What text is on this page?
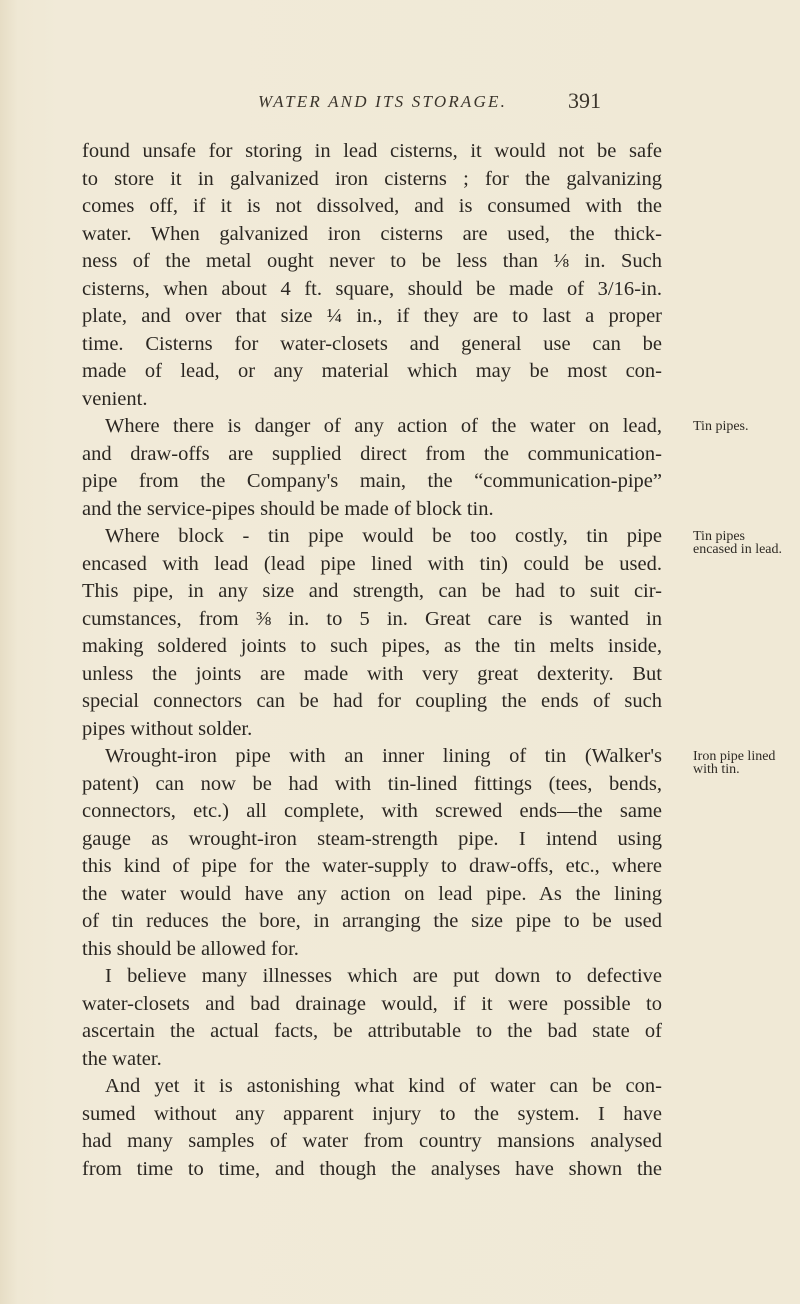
WATER AND ITS STORAGE.	391
found unsafe for storing in lead cisterns, it would not be safe
to store it in galvanized iron cisterns ; for the galvanizing
comes off, if it is not dissolved, and is consumed with the
water. When galvanized iron cisterns are used, the thick-
ness of the metal ought never to be less than ⅛ in. Such
cisterns, when about 4 ft. square, should be made of 3/16-in.
plate, and over that size ¼ in., if they are to last a proper
time. Cisterns for water-closets and general use can be
made of lead, or any material which may be most con-
venient.
Where there is danger of any action of the water on lead,
and draw-offs are supplied direct from the communication-
pipe from the Company's main, the “communication-pipe”
and the service-pipes should be made of block tin.
Where block - tin pipe would be too costly, tin pipe
encased with lead (lead pipe lined with tin) could be used.
This pipe, in any size and strength, can be had to suit cir-
cumstances, from ⅜ in. to 5 in. Great care is wanted in
making soldered joints to such pipes, as the tin melts inside,
unless the joints are made with very great dexterity. But
special connectors can be had for coupling the ends of such
pipes without solder.
Wrought-iron pipe with an inner lining of tin (Walker's
patent) can now be had with tin-lined fittings (tees, bends,
connectors, etc.) all complete, with screwed ends—the same
gauge as wrought-iron steam-strength pipe. I intend using
this kind of pipe for the water-supply to draw-offs, etc., where
the water would have any action on lead pipe. As the lining
of tin reduces the bore, in arranging the size pipe to be used
this should be allowed for.
I believe many illnesses which are put down to defective
water-closets and bad drainage would, if it were possible to
ascertain the actual facts, be attributable to the bad state of
the water.
And yet it is astonishing what kind of water can be con-
sumed without any apparent injury to the system. I have
had many samples of water from country mansions analysed
from time to time, and though the analyses have shown the
Tin pipes.
Tin pipes encased in lead.
Iron pipe lined with tin.
